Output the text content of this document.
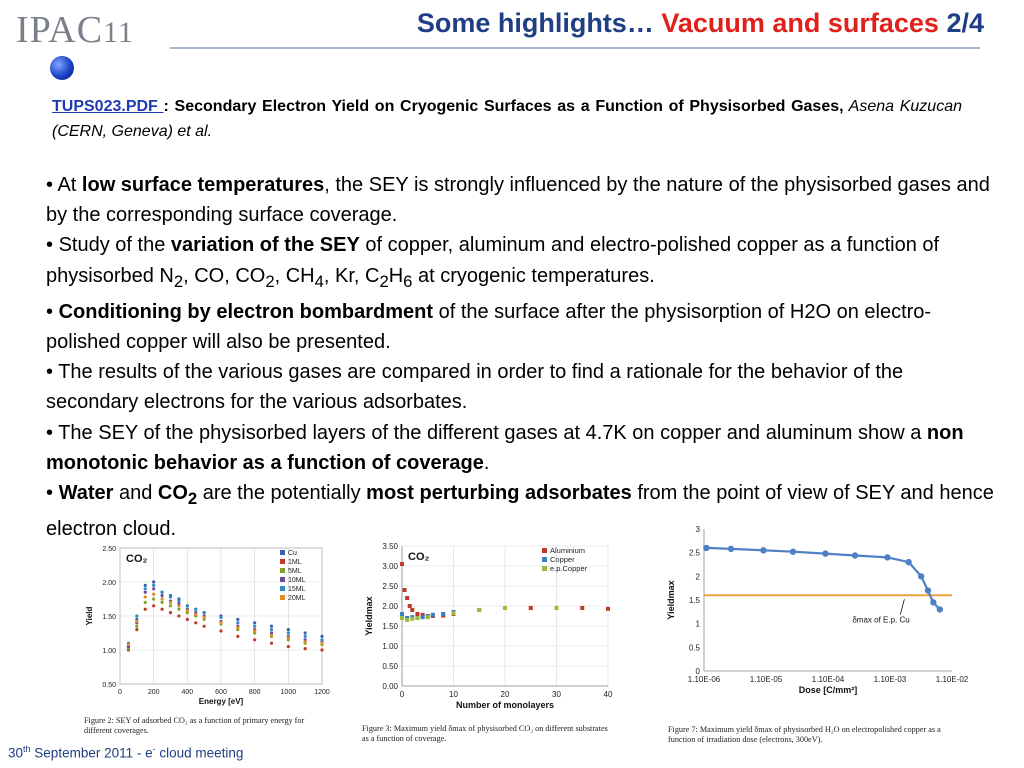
IPAC11	Some highlights… Vacuum and surfaces 2/4
TUPS023.PDF : Secondary Electron Yield on Cryogenic Surfaces as a Function of Physisorbed Gases, Asena Kuzucan (CERN, Geneva) et al.

• At low surface temperatures, the SEY is strongly influenced by the nature of the physisorbed gases and by the corresponding surface coverage.

• Study of the variation of the SEY of copper, aluminum and electro-polished copper as a function of physisorbed $N_2$, CO, $CO_2$, $CH_4$, Kr, $C_2H_6$ at cryogenic temperatures.

• Conditioning by electron bombardment of the surface after the physisorption of H2O on electro-polished copper will also be presented.

• The results of the various gases are compared in order to find a rationale for the behavior of the secondary electrons for the various adsorbates.

• The SEY of the physisorbed layers of the different gases at 4.7K on copper and aluminum show a non monotonic behavior as a function of coverage.

• Water and $CO_2$ are the potentially most perturbing adsorbates from the point of view of SEY and hence electron cloud.

0.50
1.00
1.50
2.00
2.50
0	200	400	600	800	1000	1200
Energy [eV]
Yield
CO₂	Cu
1ML
5ML
10ML
15ML
20ML
Figure 2: SEY of adsorbed CO₂ as a function of primary energy for different coverages.
0.00
0.50
1.00
1.50
2.00
2.50
3.00
3.50
0	10	20	30	40
Number of monolayers
Yieldmax
CO₂
Aluminium
Copper
e.p.Copper
Figure 3: Maximum yield δmax of physisorbed CO₂ on different substrates as a function of coverage.
0
0.5
1
1.5
2
2.5
3
1.10E-06	1.10E-05	1.10E-04	1.10E-03	1.10E-02
Dose [C/mm²]
Yieldmax
δmax of E.p. Cu
Figure 7: Maximum yield δmax of physisorbed H₂O on electropolished copper as a function of irradiation dose (electrons, 300eV).
30th September 2011 - e- cloud meeting
